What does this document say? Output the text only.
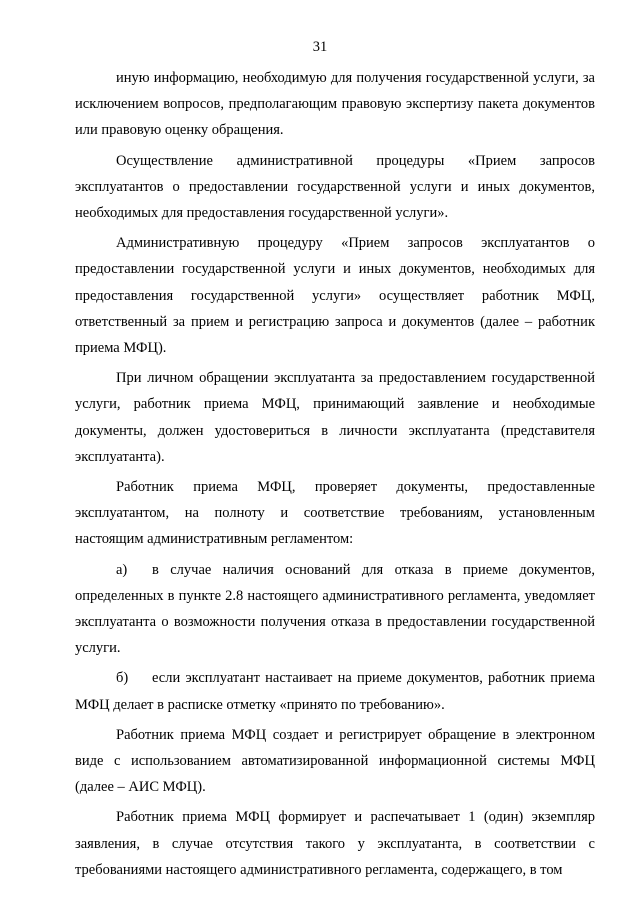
31

иную информацию, необходимую для получения государственной услуги, за исключением вопросов, предполагающим правовую экспертизу пакета документов или правовую оценку обращения.

Осуществление административной процедуры «Прием запросов эксплуатантов о предоставлении государственной услуги и иных документов, необходимых для предоставления государственной услуги».

Административную процедуру «Прием запросов эксплуатантов о предоставлении государственной услуги и иных документов, необходимых для предоставления государственной услуги» осуществляет работник МФЦ, ответственный за прием и регистрацию запроса и документов (далее – работник приема МФЦ).

При личном обращении эксплуатанта за предоставлением государственной услуги, работник приема МФЦ, принимающий заявление и необходимые документы, должен удостовериться в личности эксплуатанта (представителя эксплуатанта).

Работник приема МФЦ, проверяет документы, предоставленные эксплуатантом, на полноту и соответствие требованиям, установленным настоящим административным регламентом:

а) в случае наличия оснований для отказа в приеме документов, определенных в пункте 2.8 настоящего административного регламента, уведомляет эксплуатанта о возможности получения отказа в предоставлении государственной услуги.

б) если эксплуатант настаивает на приеме документов, работник приема МФЦ делает в расписке отметку «принято по требованию».

Работник приема МФЦ создает и регистрирует обращение в электронном виде с использованием автоматизированной информационной системы МФЦ (далее – АИС МФЦ).

Работник приема МФЦ формирует и распечатывает 1 (один) экземпляр заявления, в случае отсутствия такого у эксплуатанта, в соответствии с требованиями настоящего административного регламента, содержащего, в том
